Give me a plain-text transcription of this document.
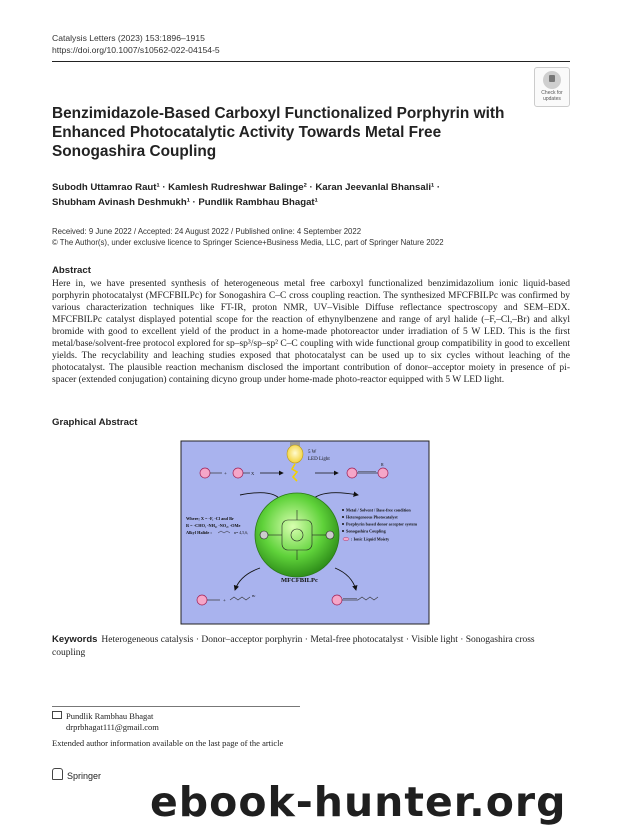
Catalysis Letters (2023) 153:1896–1915
https://doi.org/10.1007/s10562-022-04154-5
Check for
updates
Benzimidazole-Based Carboxyl Functionalized Porphyrin with Enhanced Photocatalytic Activity Towards Metal Free Sonogashira Coupling
Subodh Uttamrao Raut¹ · Kamlesh Rudreshwar Balinge² · Karan Jeevanlal Bhansali¹ ·
Shubham Avinash Deshmukh¹ · Pundlik Rambhau Bhagat¹
Received: 9 June 2022 / Accepted: 24 August 2022 / Published online: 4 September 2022
© The Author(s), under exclusive licence to Springer Science+Business Media, LLC, part of Springer Nature 2022
Abstract
Here in, we have presented synthesis of heterogeneous metal free carboxyl functionalized benzimidazolium ionic liquid-based porphyrin photocatalyst (MFCFBILPc) for Sonogashira C–C cross coupling reaction. The synthesized MFCFBILPc was confirmed by various characterization techniques like FT-IR, proton NMR, UV–Visible Diffuse reflectance spectroscopy and SEM–EDX. MFCFBILPc catalyst displayed potential scope for the reaction of ethynylbenzene and range of aryl halide (–F,–Cl,–Br) and alkyl bromide with good to excellent yield of the product in a home-made photoreactor under irradiation of 5 W LED. This is the first metal/base/solvent-free protocol explored for sp–sp³/sp–sp² C–C coupling with wide functional group compatibility in good to excellent yields. The recyclability and leaching studies exposed that photocatalyst can be used up to six cycles without leaching of the photocatalyst. The plausible reaction mechanism disclosed the important contribution of donor–acceptor moiety in presence of pi-spacer (extended conjugation) containing dicyno group under home-made photo-reactor equipped with 5 W LED light.
Graphical Abstract
5 W
LED Light
+	X
R
MFCFBILPc
Where; X = -F, -Cl and Br
R = -CHO, -NH₂, -NO₂, -OMe
Alkyl Halide :	n= 4,5,6,
Metal / Solvent / Base-free condition
Heterogeneous Photocatalyst
Porphyrin based donor acceptor system
Sonogashira Coupling
: Ionic Liquid Moiety
+
Br
Keywords Heterogeneous catalysis · Donor–acceptor porphyrin · Metal-free photocatalyst · Visible light · Sonogashira cross coupling
Pundlik Rambhau Bhagat
drprbhagat111@gmail.com
Extended author information available on the last page of the article
Springer
ebook-hunter.org
